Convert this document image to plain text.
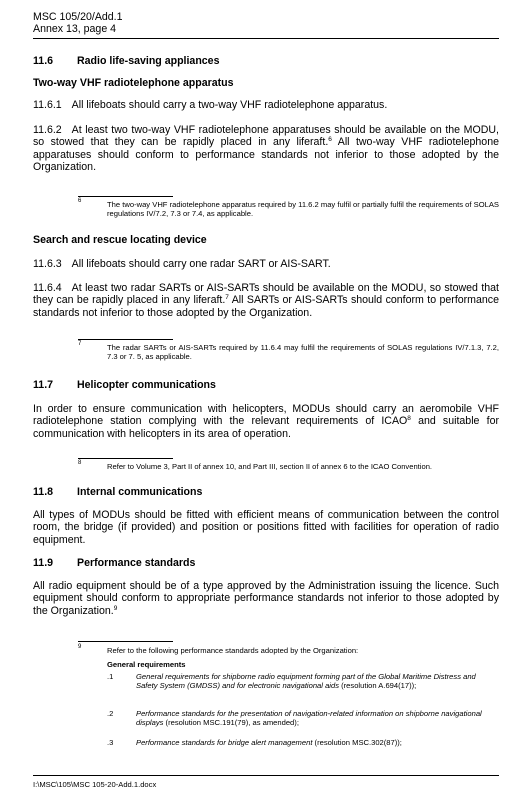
MSC 105/20/Add.1
Annex 13, page 4
11.6 Radio life-saving appliances
Two-way VHF radiotelephone apparatus
11.6.1 All lifeboats should carry a two-way VHF radiotelephone apparatus.
11.6.2 At least two two-way VHF radiotelephone apparatuses should be available on the MODU, so stowed that they can be rapidly placed in any liferaft.$^6$ All two-way VHF radiotelephone apparatuses should conform to performance standards not inferior to those adopted by the Organization.
6	The two-way VHF radiotelephone apparatus required by 11.6.2 may fulfil or partially fulfil the requirements of SOLAS regulations IV/7.2, 7.3 or 7.4, as applicable.
Search and rescue locating device
11.6.3 All lifeboats should carry one radar SART or AIS-SART.
11.6.4 At least two radar SARTs or AIS-SARTs should be available on the MODU, so stowed that they can be rapidly placed in any liferaft.$^7$ All SARTs or AIS-SARTs should conform to performance standards not inferior to those adopted by the Organization.
7	The radar SARTs or AIS-SARTs required by 11.6.4 may fulfil the requirements of SOLAS regulations IV/7.1.3, 7.2, 7.3 or 7. 5, as applicable.
11.7 Helicopter communications
In order to ensure communication with helicopters, MODUs should carry an aeromobile VHF radiotelephone station complying with the relevant requirements of ICAO$^8$ and suitable for communication with helicopters in its area of operation.
8	Refer to Volume 3, Part II of annex 10, and Part III, section II of annex 6 to the ICAO Convention.
11.8 Internal communications
All types of MODUs should be fitted with efficient means of communication between the control room, the bridge (if provided) and position or positions fitted with facilities for operation of radio equipment.
11.9 Performance standards
All radio equipment should be of a type approved by the Administration issuing the licence. Such equipment should conform to appropriate performance standards not inferior to those adopted by the Organization.$^9$
9	Refer to the following performance standards adopted by the Organization:
General requirements
.1	General requirements for shipborne radio equipment forming part of the Global Maritime Distress and Safety System (GMDSS) and for electronic navigational aids (resolution A.694(17));
.2	Performance standards for the presentation of navigation-related information on shipborne navigational displays (resolution MSC.191(79), as amended);
.3	Performance standards for bridge alert management (resolution MSC.302(87));
I:\MSC\105\MSC 105-20-Add.1.docx
